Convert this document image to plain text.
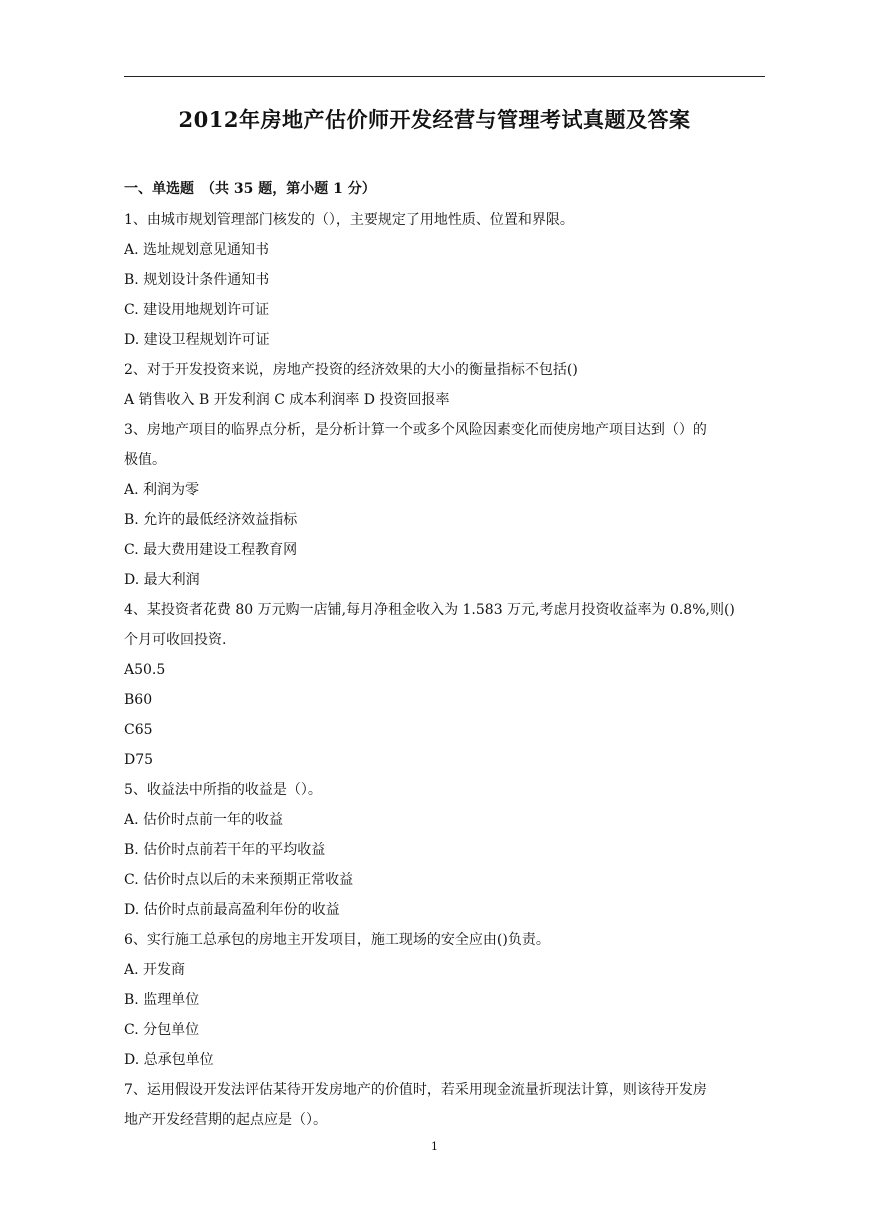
2012年房地产估价师开发经营与管理考试真题及答案
一、单选题　（共 35 题，第小题 1 分）
1、由城市规划管理部门核发的（），主要规定了用地性质、位置和界限。
A. 选址规划意见通知书
B. 规划设计条件通知书
C. 建设用地规划许可证
D. 建设卫程规划许可证
2、对于开发投资来说，房地产投资的经济效果的大小的衡量指标不包括()
A 销售收入 B 开发利润 C 成本利润率 D 投资回报率
3、房地产项目的临界点分析，是分析计算一个或多个风险因素变化而使房地产项目达到（）的
极值。
A. 利润为零
B. 允许的最低经济效益指标
C. 最大费用建设工程教育网
D. 最大利润
4、某投资者花费 80 万元购一店铺,每月净租金收入为 1.583 万元,考虑月投资收益率为 0.8%,则()
个月可收回投资.
A50.5
B60
C65
D75
5、收益法中所指的收益是（）。
A. 估价时点前一年的收益
B. 估价时点前若干年的平均收益
C. 估价时点以后的未来预期正常收益
D. 估价时点前最高盈利年份的收益
6、实行施工总承包的房地主开发项目，施工现场的安全应由()负责。
A. 开发商
B. 监理单位
C. 分包单位
D. 总承包单位
7、运用假设开发法评估某待开发房地产的价值时，若采用现金流量折现法计算，则该待开发房
地产开发经营期的起点应是（）。
1
